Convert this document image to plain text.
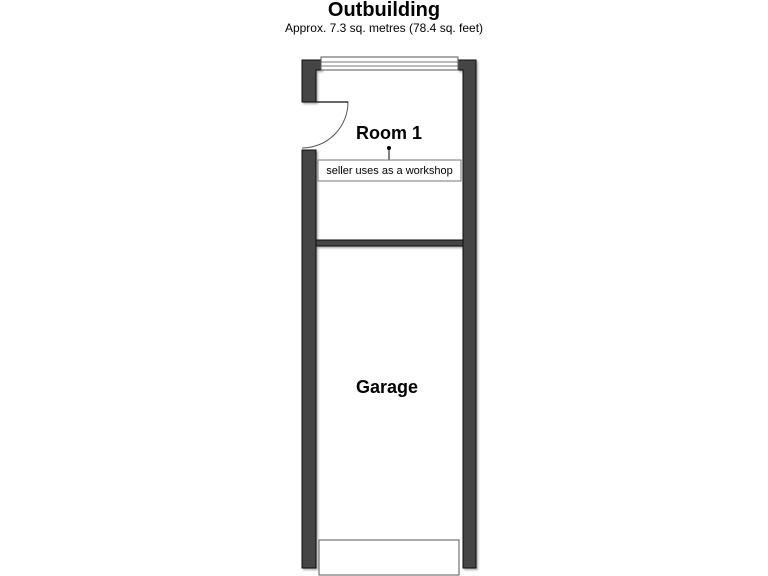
Outbuilding
Approx. 7.3 sq. metres (78.4 sq. feet)
Room 1
seller uses as a workshop
Garage
